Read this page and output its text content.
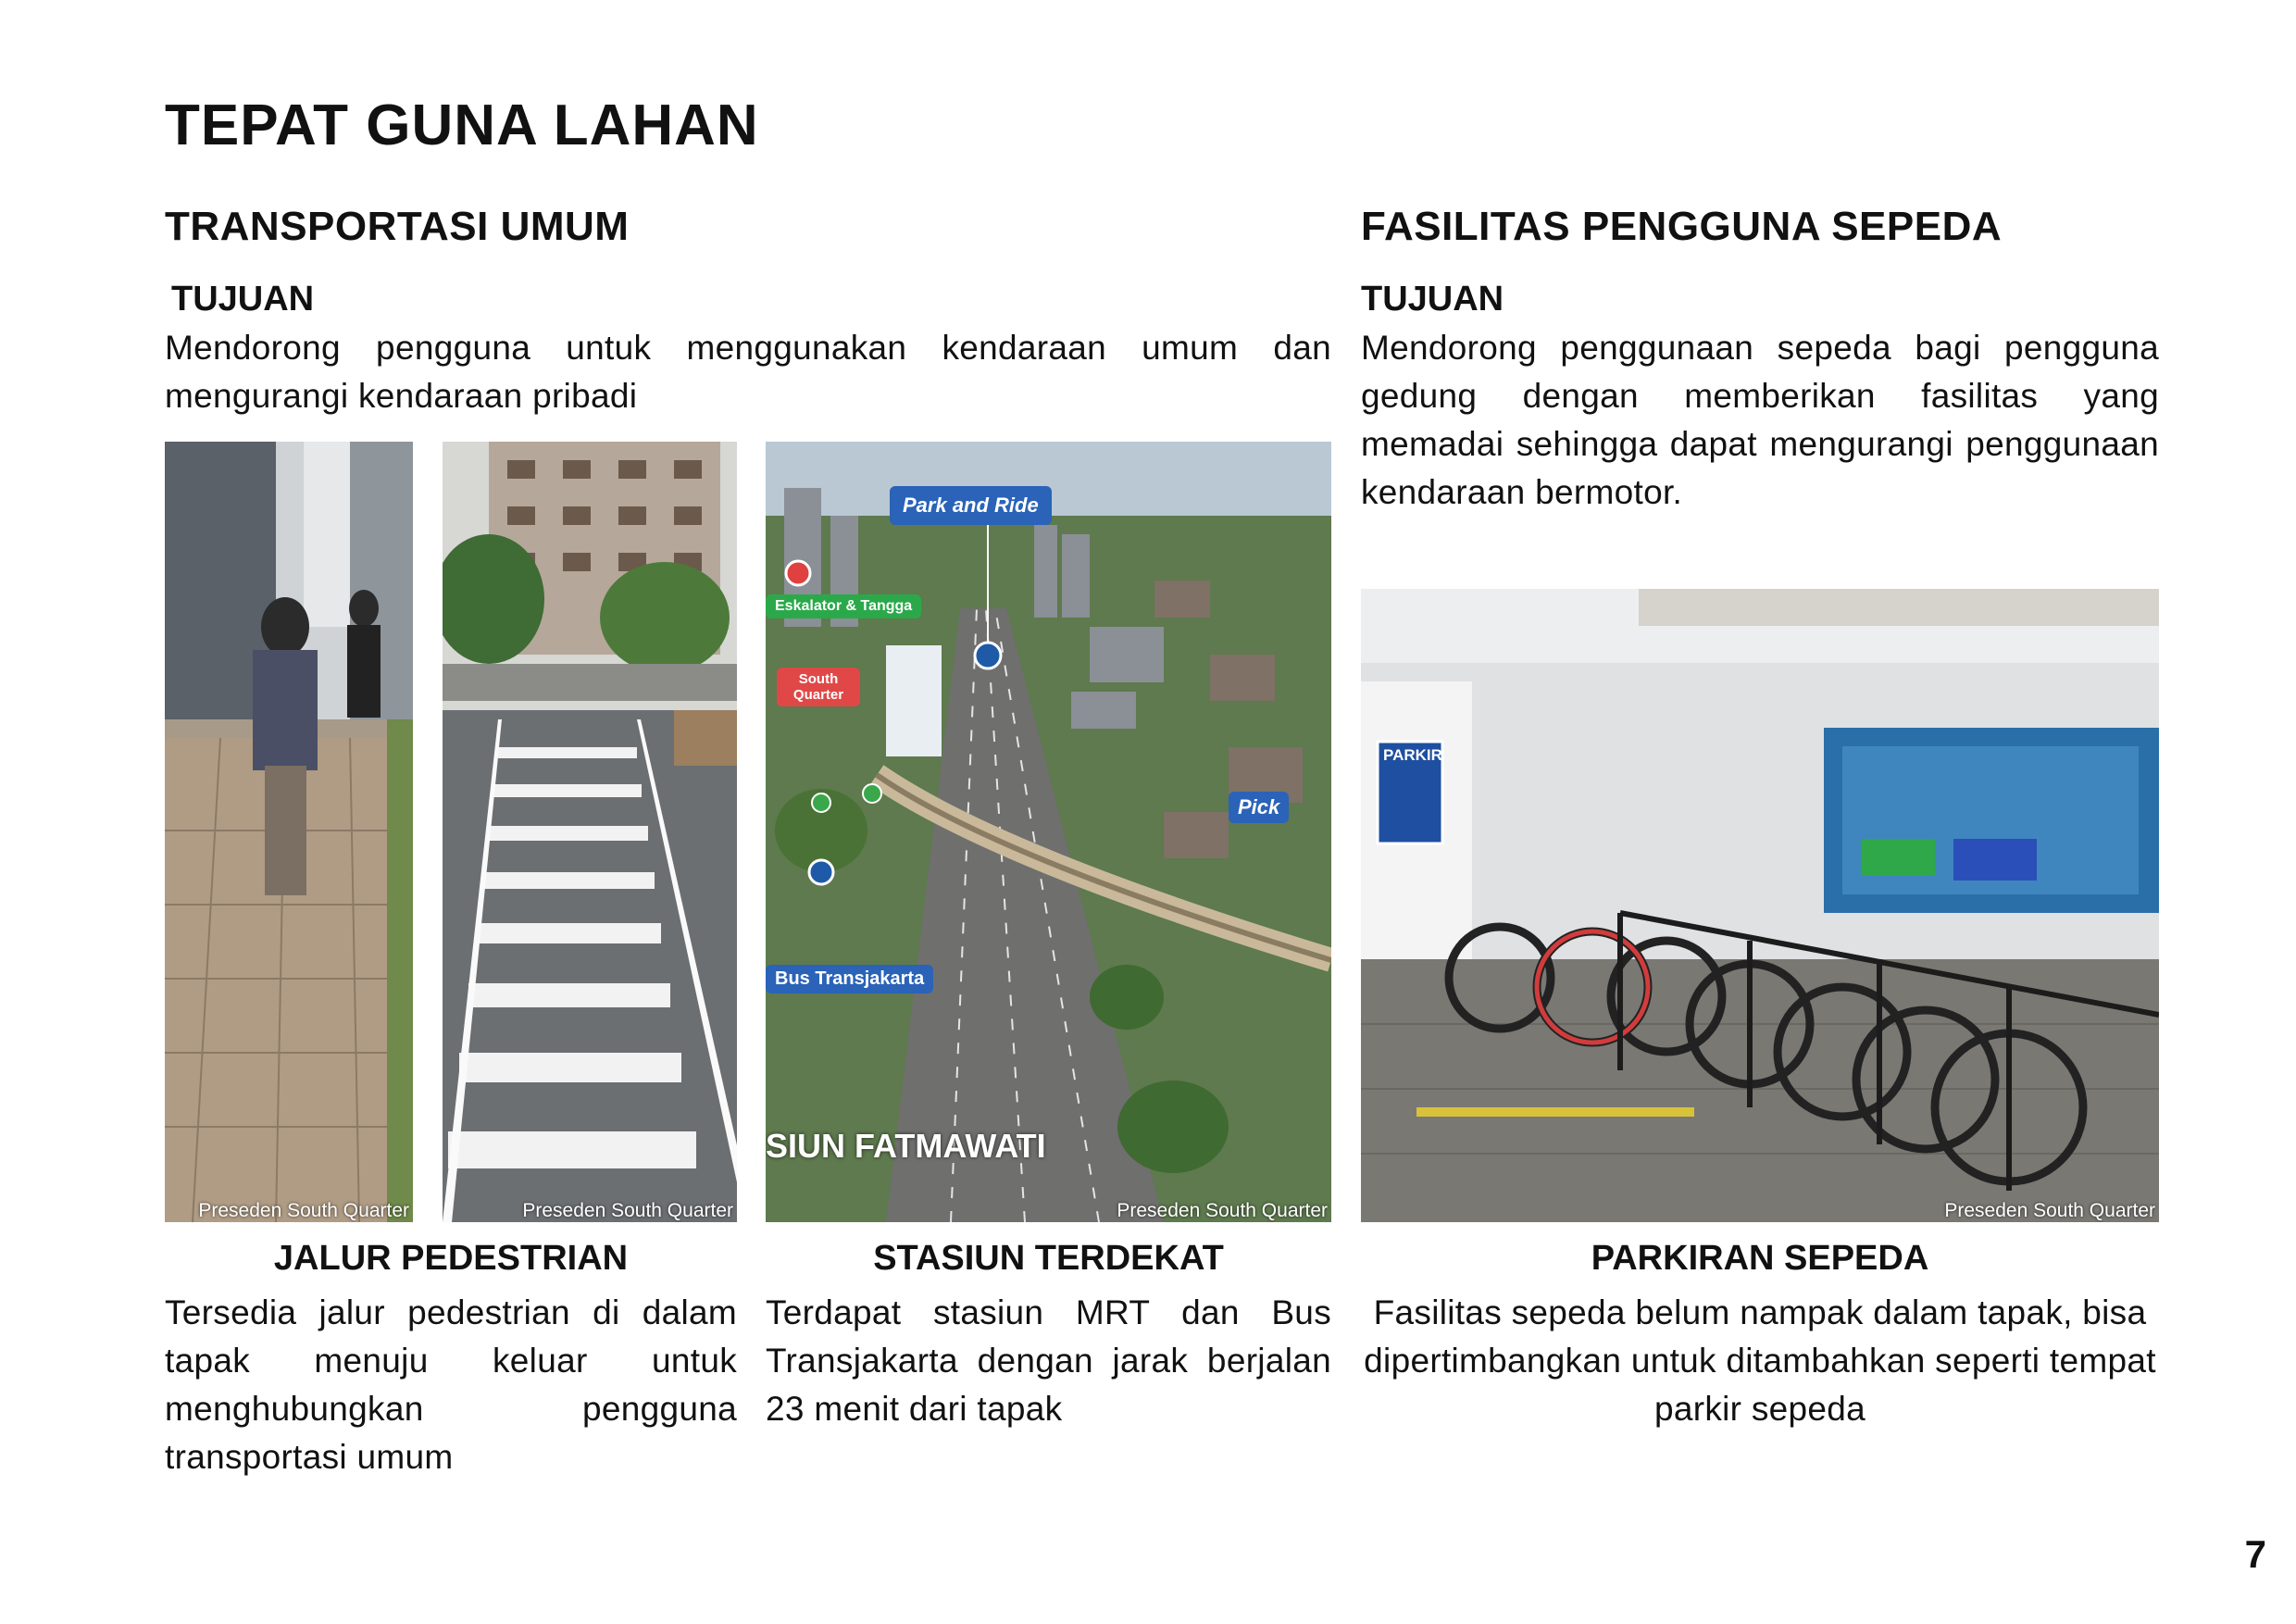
TEPAT GUNA LAHAN
TRANSPORTASI UMUM
TUJUAN

Mendorong pengguna untuk menggunakan kendaraan umum dan mengurangi kendaraan pribadi

Preseden South Quarter	Preseden South Quarter
Park and Ride
Eskalator & Tangga
South Quarter
Pick
Bus Transjakarta
SIUN FATMAWATI
Preseden South Quarter
JALUR PEDESTRIAN

Tersedia jalur pedestrian di dalam tapak menuju keluar untuk menghubungkan pengguna transportasi umum

STASIUN TERDEKAT

Terdapat stasiun MRT dan Bus Transjakarta dengan jarak berjalan 23 menit dari tapak

FASILITAS PENGGUNA SEPEDA
TUJUAN

Mendorong penggunaan sepeda bagi pengguna gedung dengan memberikan fasilitas yang memadai sehingga dapat mengurangi penggunaan kendaraan bermotor.

PARKIR
Preseden South Quarter
PARKIRAN SEPEDA

Fasilitas sepeda belum nampak dalam tapak, bisa dipertimbangkan untuk ditambahkan seperti tempat parkir sepeda

7
